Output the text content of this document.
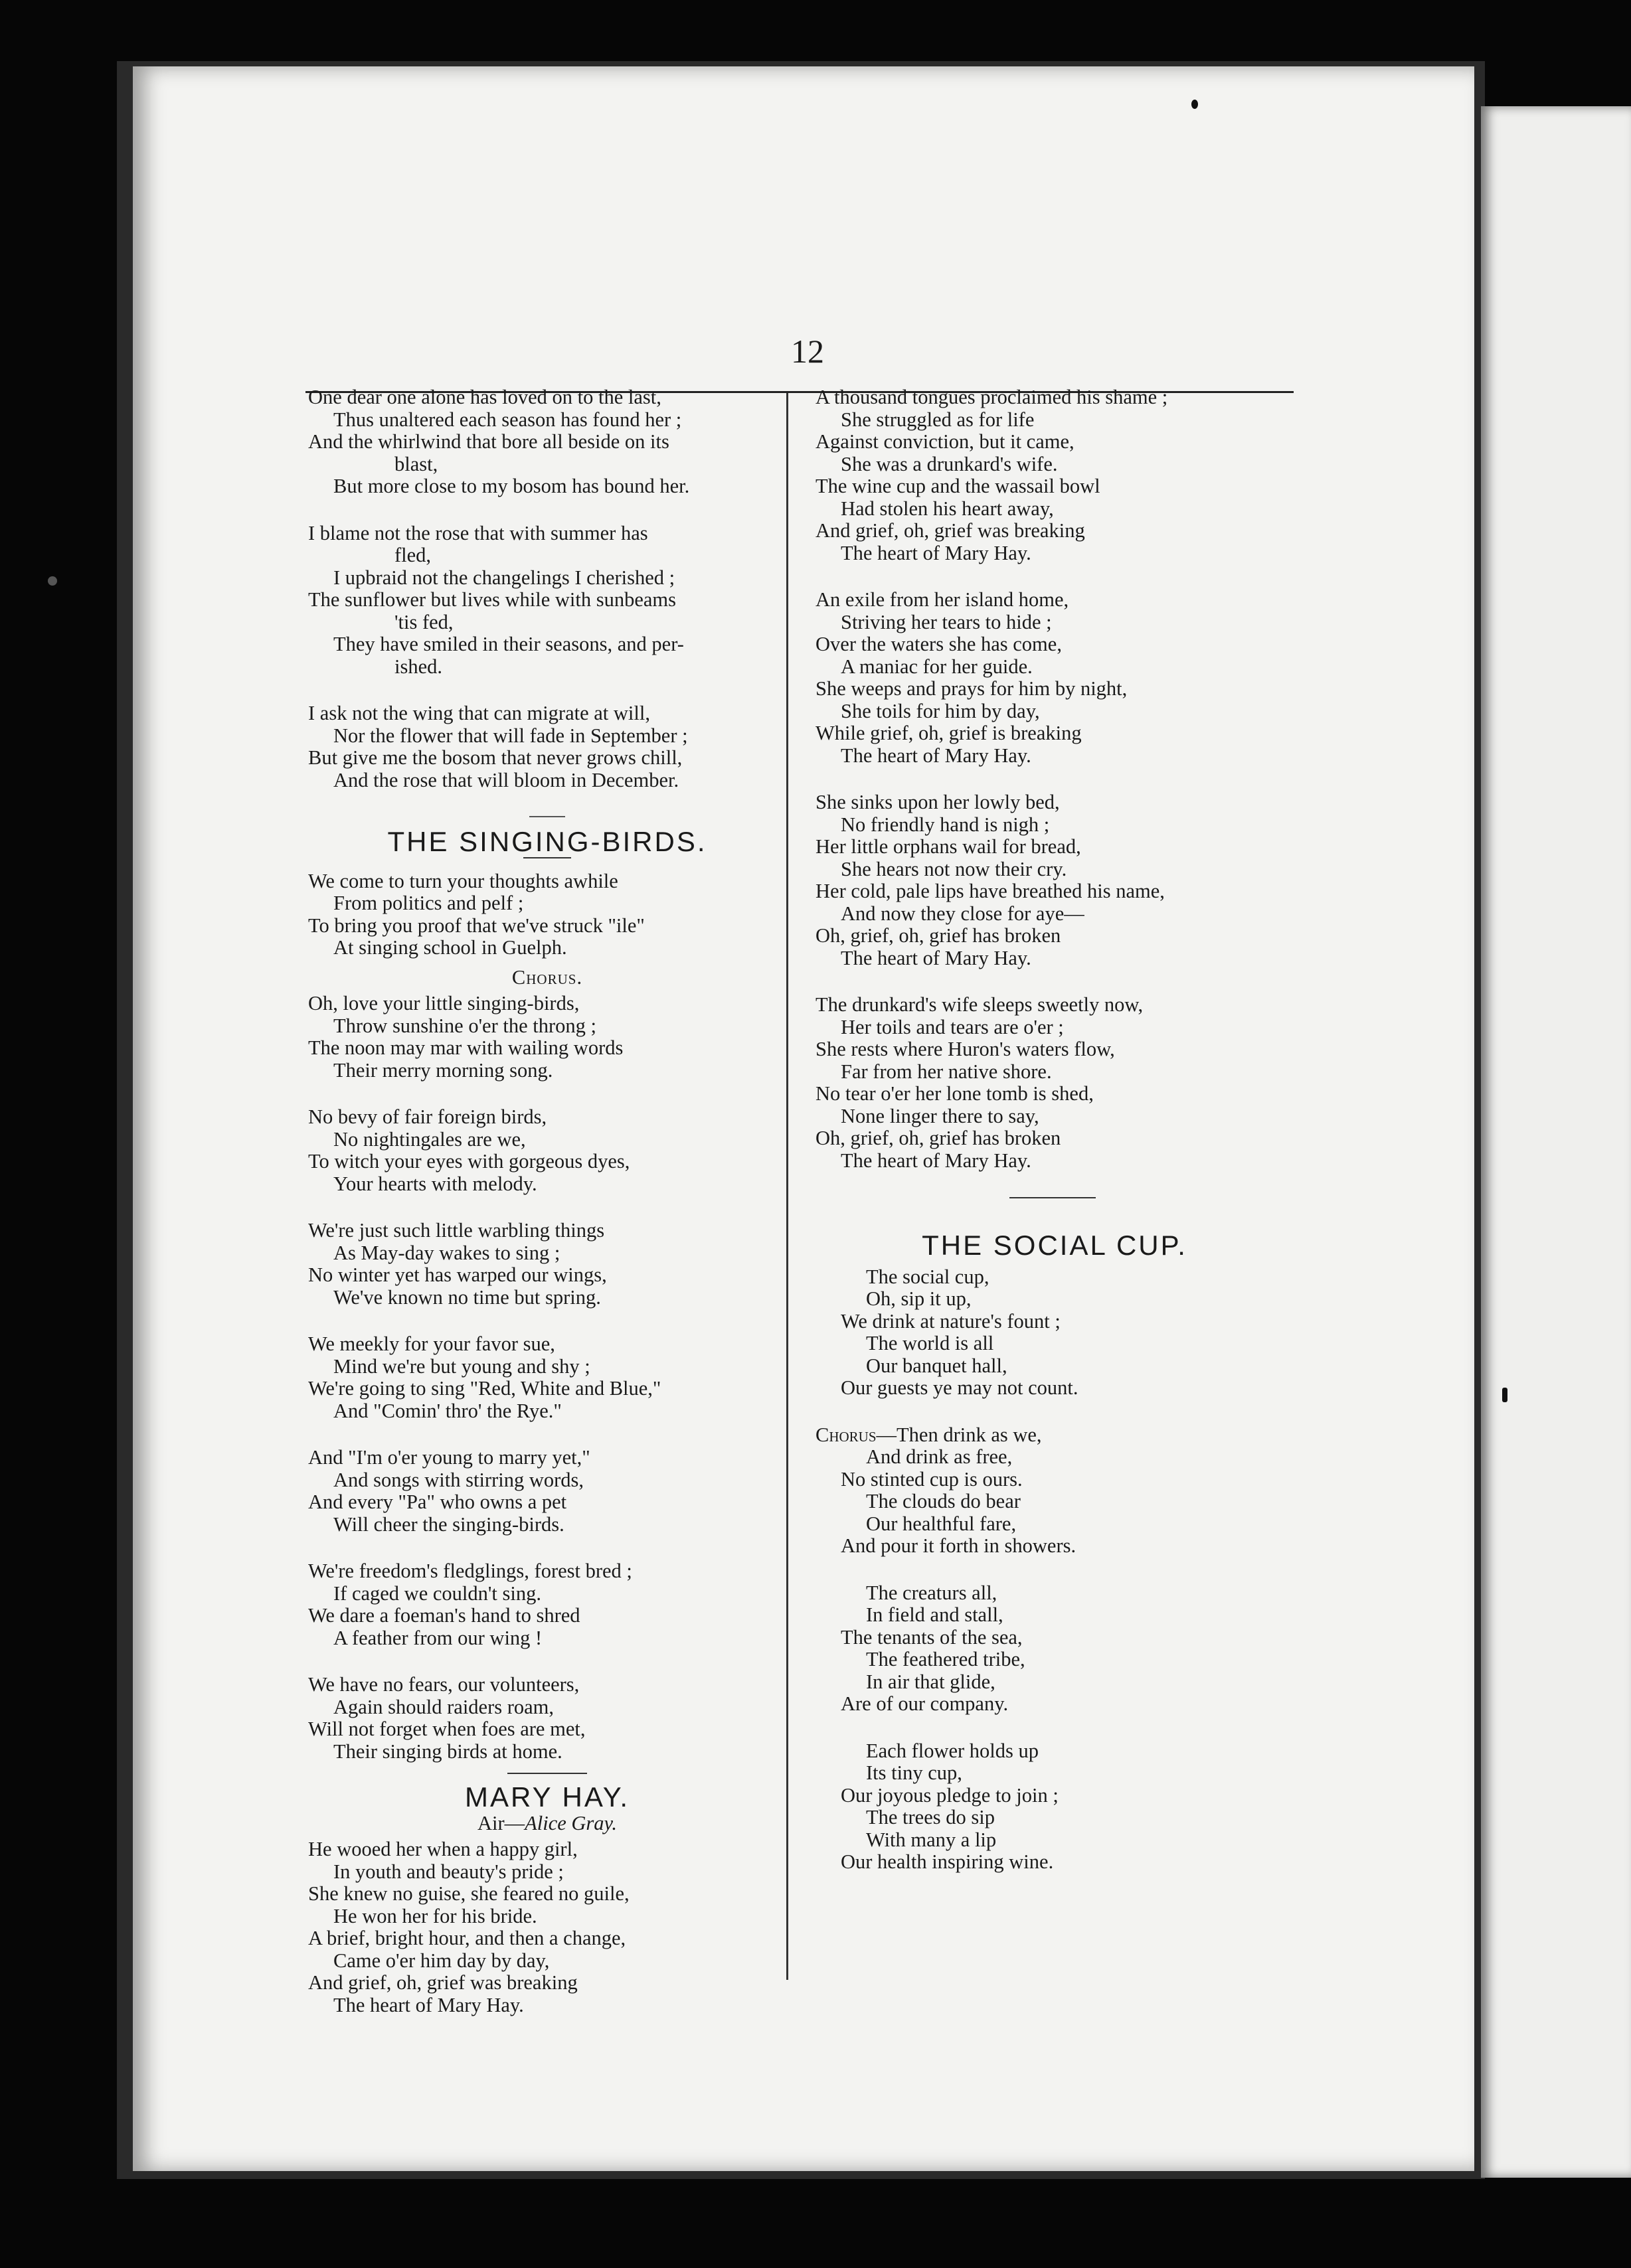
12
One dear one alone has loved on to the last,
Thus unaltered each season has found her ;
And the whirlwind that bore all beside on its
blast,
But more close to my bosom has bound her.
I blame not the rose that with summer has
fled,
I upbraid not the changelings I cherished ;
The sunflower but lives while with sunbeams
'tis fed,
They have smiled in their seasons, and per-
ished.
I ask not the wing that can migrate at will,
Nor the flower that will fade in September ;
But give me the bosom that never grows chill,
And the rose that will bloom in December.
THE SINGING-BIRDS.
We come to turn your thoughts awhile
From politics and pelf ;
To bring you proof that we've struck "ile"
At singing school in Guelph.
Chorus.
Oh, love your little singing-birds,
Throw sunshine o'er the throng ;
The noon may mar with wailing words
Their merry morning song.
No bevy of fair foreign birds,
No nightingales are we,
To witch your eyes with gorgeous dyes,
Your hearts with melody.
We're just such little warbling things
As May-day wakes to sing ;
No winter yet has warped our wings,
We've known no time but spring.
We meekly for your favor sue,
Mind we're but young and shy ;
We're going to sing "Red, White and Blue,"
And "Comin' thro' the Rye."
And "I'm o'er young to marry yet,"
And songs with stirring words,
And every "Pa" who owns a pet
Will cheer the singing-birds.
We're freedom's fledglings, forest bred ;
If caged we couldn't sing.
We dare a foeman's hand to shred
A feather from our wing !
We have no fears, our volunteers,
Again should raiders roam,
Will not forget when foes are met,
Their singing birds at home.
MARY HAY.
Air—Alice Gray.
He wooed her when a happy girl,
In youth and beauty's pride ;
She knew no guise, she feared no guile,
He won her for his bride.
A brief, bright hour, and then a change,
Came o'er him day by day,
And grief, oh, grief was breaking
The heart of Mary Hay.
A thousand tongues proclaimed his shame ;
She struggled as for life
Against conviction, but it came,
She was a drunkard's wife.
The wine cup and the wassail bowl
Had stolen his heart away,
And grief, oh, grief was breaking
The heart of Mary Hay.
An exile from her island home,
Striving her tears to hide ;
Over the waters she has come,
A maniac for her guide.
She weeps and prays for him by night,
She toils for him by day,
While grief, oh, grief is breaking
The heart of Mary Hay.
She sinks upon her lowly bed,
No friendly hand is nigh ;
Her little orphans wail for bread,
She hears not now their cry.
Her cold, pale lips have breathed his name,
And now they close for aye—
Oh, grief, oh, grief has broken
The heart of Mary Hay.
The drunkard's wife sleeps sweetly now,
Her toils and tears are o'er ;
She rests where Huron's waters flow,
Far from her native shore.
No tear o'er her lone tomb is shed,
None linger there to say,
Oh, grief, oh, grief has broken
The heart of Mary Hay.
THE SOCIAL CUP.
The social cup,
Oh, sip it up,
We drink at nature's fount ;
The world is all
Our banquet hall,
Our guests ye may not count.
Chorus—Then drink as we,
And drink as free,
No stinted cup is ours.
The clouds do bear
Our healthful fare,
And pour it forth in showers.
The creaturs all,
In field and stall,
The tenants of the sea,
The feathered tribe,
In air that glide,
Are of our company.
Each flower holds up
Its tiny cup,
Our joyous pledge to join ;
The trees do sip
With many a lip
Our health inspiring wine.
